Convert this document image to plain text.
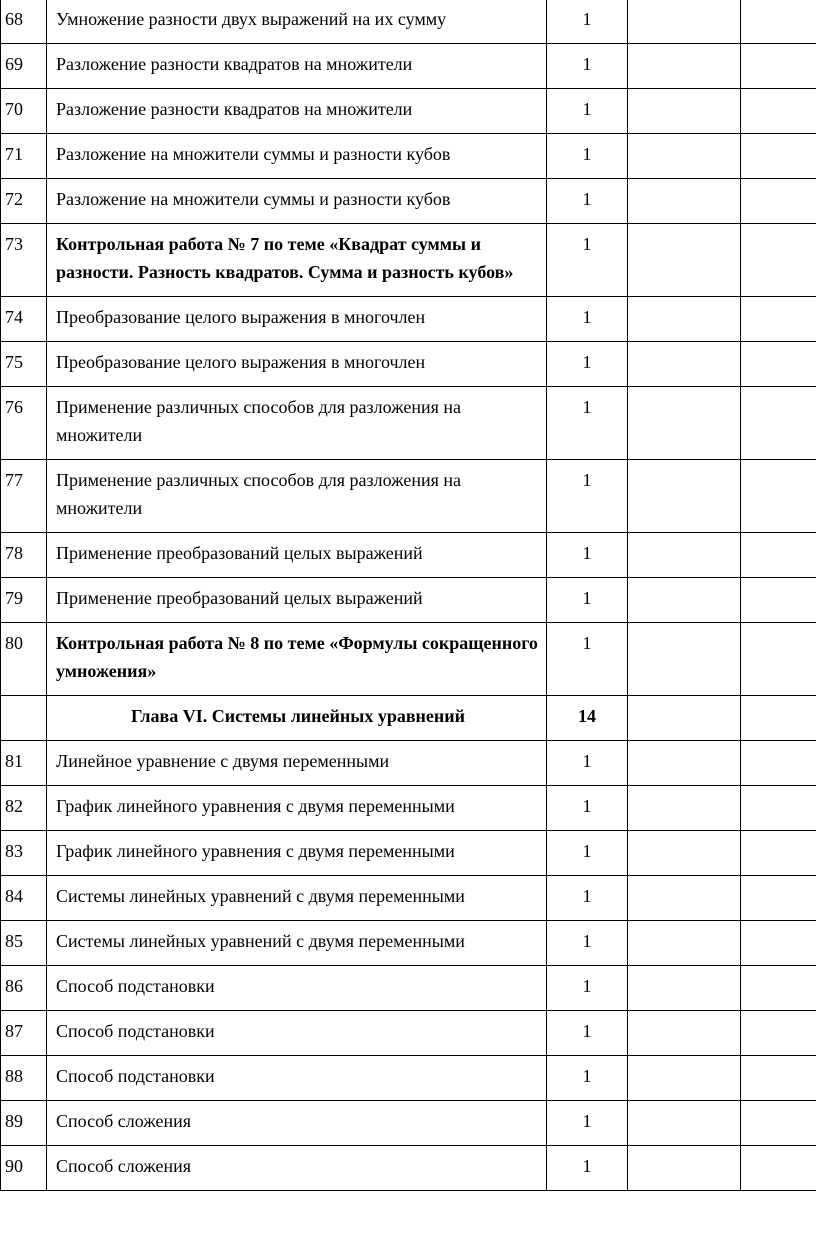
68	Умножение разности двух выражений на их сумму	1		
69	Разложение разности квадратов на множители	1		
70	Разложение разности квадратов на множители	1		
71	Разложение на множители суммы и разности кубов	1		
72	Разложение на множители суммы и разности кубов	1		
73	Контрольная работа № 7 по теме «Квадрат суммы и разности. Разность квадратов. Сумма и разность кубов»	1		
74	Преобразование целого выражения в многочлен	1		
75	Преобразование целого выражения в многочлен	1		
76	Применение различных способов для разложения на множители	1		
77	Применение различных способов для разложения на множители	1		
78	Применение преобразований целых выражений	1		
79	Применение преобразований целых выражений	1		
80	Контрольная работа № 8 по теме «Формулы сокращенного умножения»	1		
	Глава VI. Системы линейных уравнений	14		
81	Линейное уравнение с двумя переменными	1		
82	График линейного уравнения с двумя переменными	1		
83	График линейного уравнения с двумя переменными	1		
84	Системы линейных уравнений с двумя переменными	1		
85	Системы линейных уравнений с двумя переменными	1		
86	Способ подстановки	1		
87	Способ подстановки	1		
88	Способ подстановки	1		
89	Способ сложения	1		
90	Способ сложения	1		
